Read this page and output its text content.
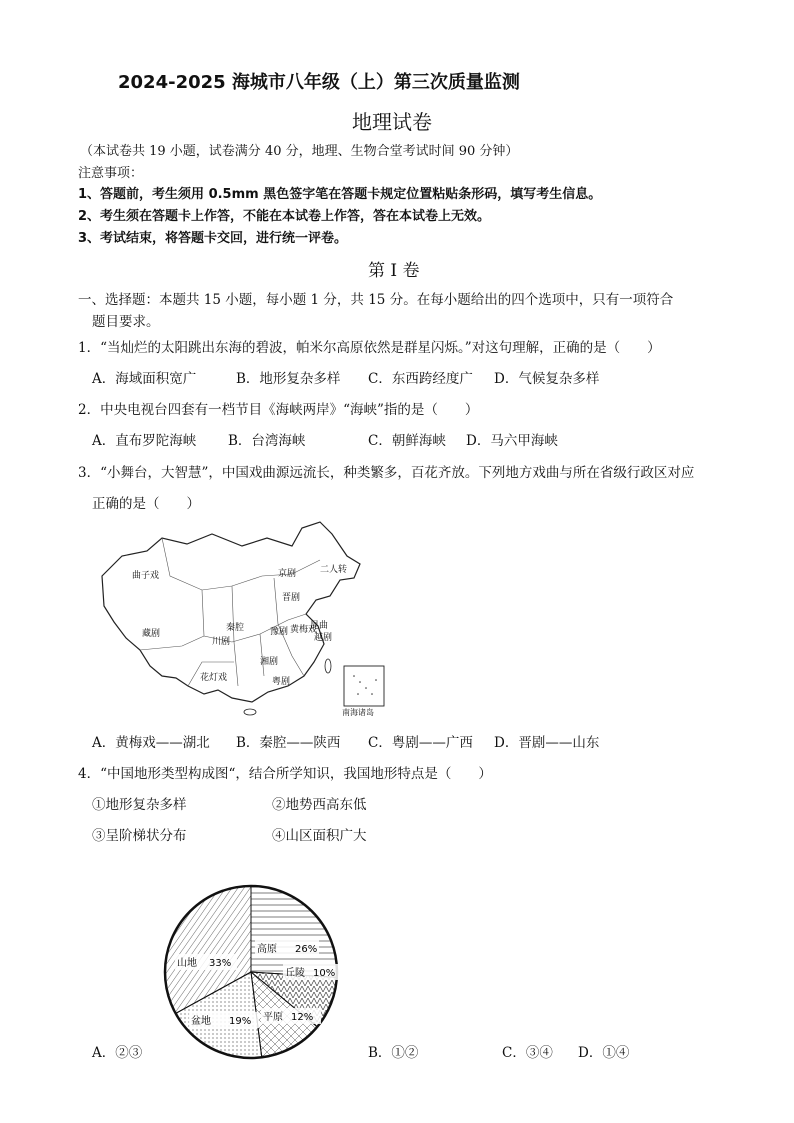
2024-2025 海城市八年级（上）第三次质量监测
地理试卷
（本试卷共 19 小题，试卷满分 40 分，地理、生物合堂考试时间 90 分钟）
注意事项：
1、答题前，考生须用 0.5mm 黑色签字笔在答题卡规定位置粘贴条形码，填写考生信息。
2、考生须在答题卡上作答，不能在本试卷上作答，答在本试卷上无效。
3、考试结束，将答题卡交回，进行统一评卷。
第 I 卷
一、选择题：本题共 15 小题，每小题 1 分，共 15 分。在每小题给出的四个选项中，只有一项符合
题目要求。
1．“当灿烂的太阳跳出东海的碧波，帕米尔高原依然是群星闪烁。”对这句理解，正确的是（　　）
A．海域面积宽广	B．地形复杂多样 C．东西跨经度广 D．气候复杂多样
2．中央电视台四套有一档节目《海峡两岸》“海峡”指的是（　　）
A．直布罗陀海峡 B．台湾海峡	C．朝鲜海峡 D．马六甲海峡
3．“小舞台，大智慧”，中国戏曲源远流长，种类繁多，百花齐放。下列地方戏曲与所在省级行政区对应
正确的是（　　）
曲子戏	京剧	二人转
晋剧
豫剧
秦腔	黄梅戏
昆曲
越剧
藏剧
川剧
湘剧
花灯戏	粤剧
南海诸岛
A．黄梅戏——湖北 B．秦腔——陕西 C．粤剧——广西 D．晋剧——山东
4．“中国地形类型构成图“，结合所学知识，我国地形特点是（　　）
①地形复杂多样	②地势西高东低
③呈阶梯状分布	④山区面积广大
山地 33%
高原 26%
丘陵 10%
盆地 19% 平原 12%
A．②③	B．①②	C．③④ D．①④
